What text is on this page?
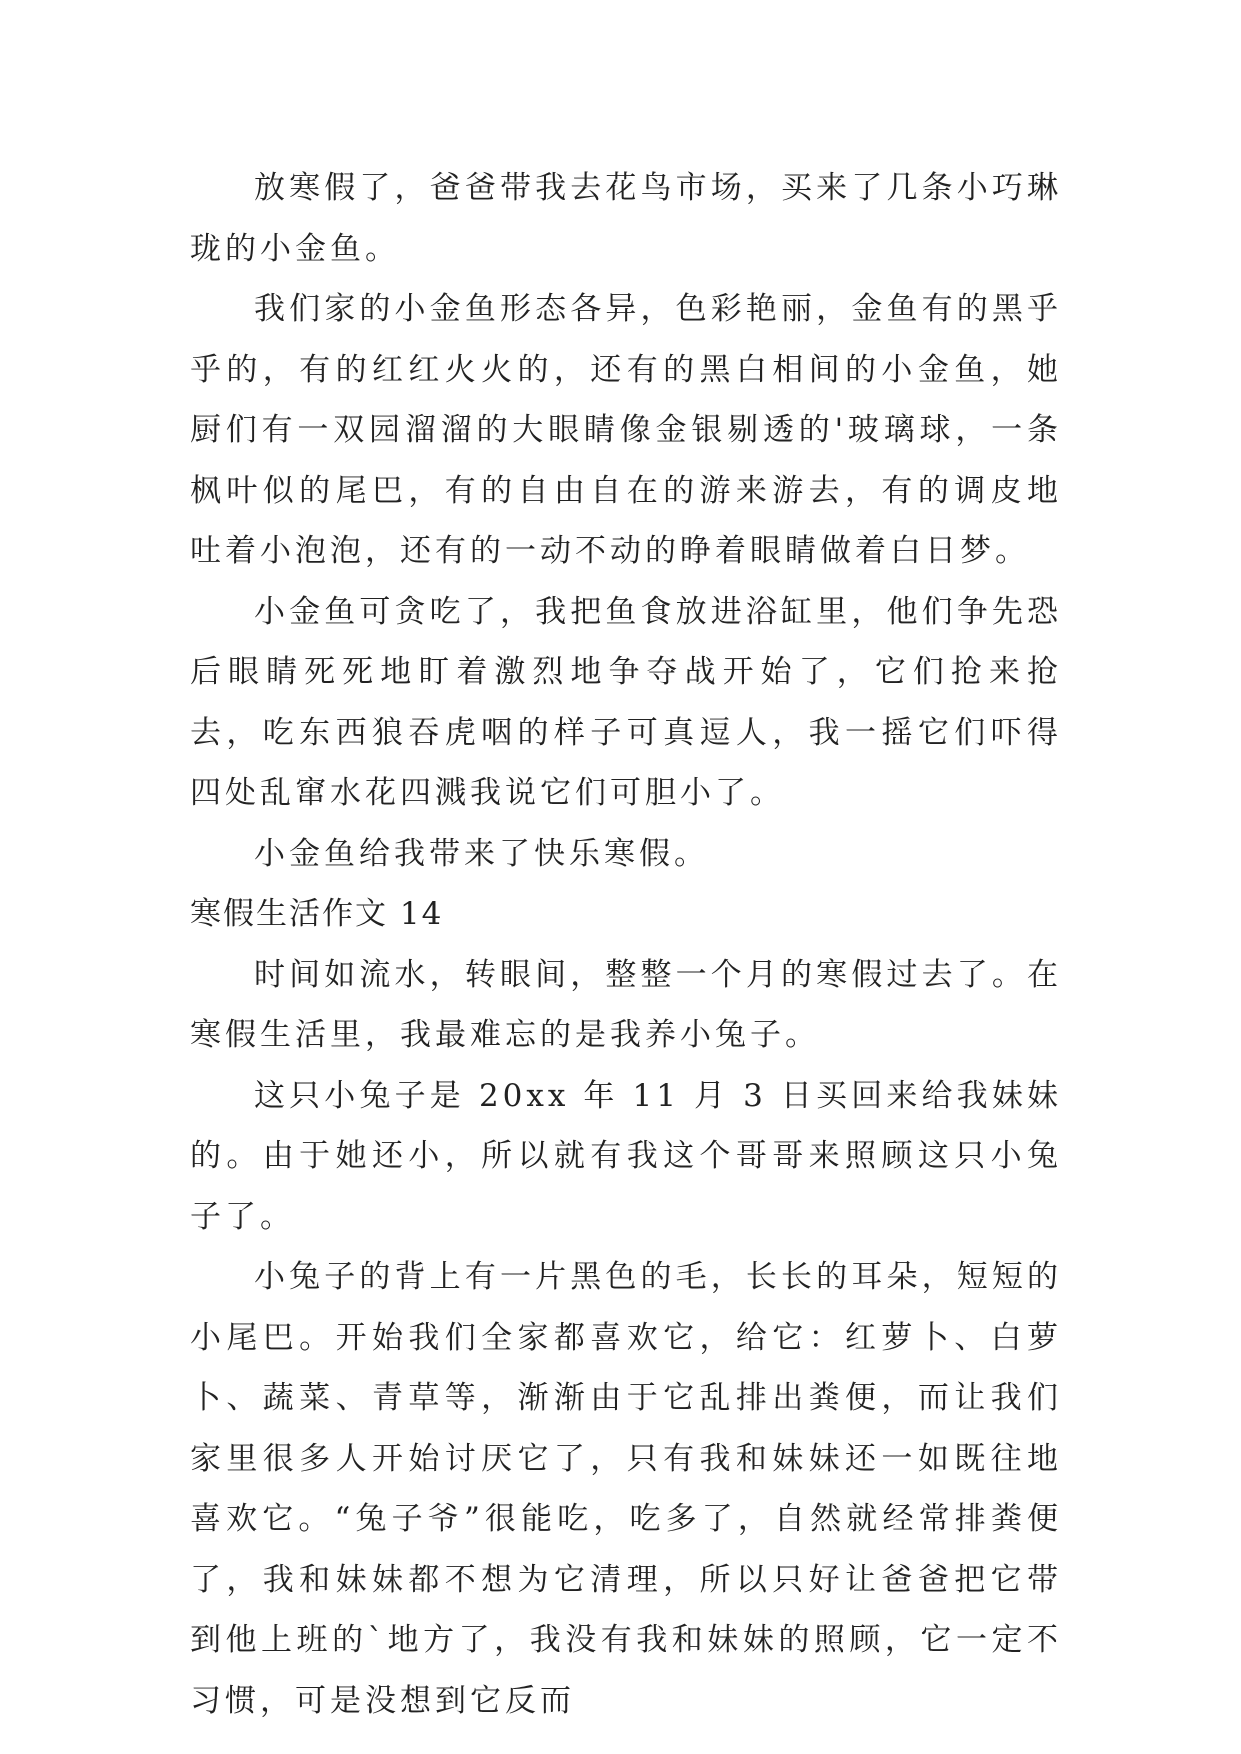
放寒假了，爸爸带我去花鸟市场，买来了几条小巧琳珑的小金鱼。

我们家的小金鱼形态各异，色彩艳丽，金鱼有的黑乎乎的，有的红红火火的，还有的黑白相间的小金鱼，她厨们有一双园溜溜的大眼睛像金银剔透的'玻璃球，一条枫叶似的尾巴，有的自由自在的游来游去，有的调皮地吐着小泡泡，还有的一动不动的睁着眼睛做着白日梦。

小金鱼可贪吃了，我把鱼食放进浴缸里，他们争先恐后眼睛死死地盯着激烈地争夺战开始了，它们抢来抢去，吃东西狼吞虎咽的样子可真逗人，我一摇它们吓得四处乱窜水花四溅我说它们可胆小了。

小金鱼给我带来了快乐寒假。

寒假生活作文 14

时间如流水，转眼间，整整一个月的寒假过去了。在寒假生活里，我最难忘的是我养小兔子。

这只小兔子是 20xx 年 11 月 3 日买回来给我妹妹的。由于她还小，所以就有我这个哥哥来照顾这只小兔子了。

小兔子的背上有一片黑色的毛，长长的耳朵，短短的小尾巴。开始我们全家都喜欢它，给它：红萝卜、白萝卜、蔬菜、青草等，渐渐由于它乱排出粪便，而让我们家里很多人开始讨厌它了，只有我和妹妹还一如既往地喜欢它。“兔子爷”很能吃，吃多了，自然就经常排粪便了，我和妹妹都不想为它清理，所以只好让爸爸把它带到他上班的`地方了，我没有我和妹妹的照顾，它一定不习惯，可是没想到它反而
